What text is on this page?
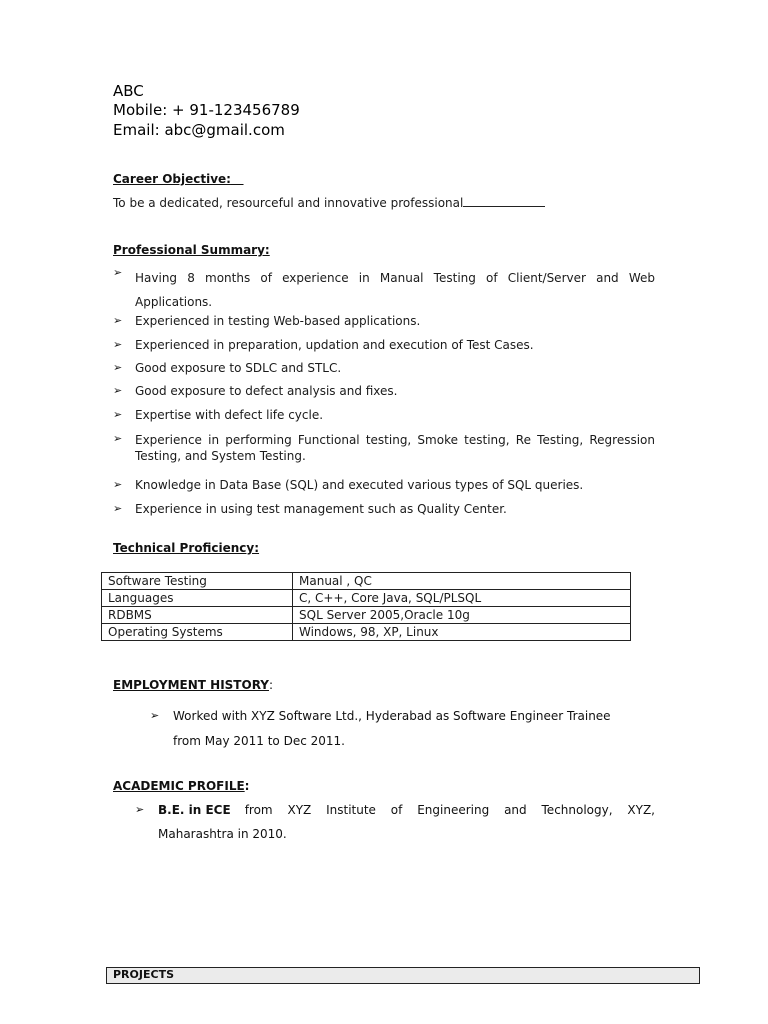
ABC
Mobile: + 91-123456789
Email: abc@gmail.com
Career Objective:
To be a dedicated, resourceful and innovative professional
Professional Summary:
➢	Having 8 months of experience in Manual Testing of Client/Server and Web Applications.
➢	Experienced in testing Web-based applications.
➢	Experienced in preparation, updation and execution of Test Cases.
➢	Good exposure to SDLC and STLC.
➢	Good exposure to defect analysis and fixes.
➢	Expertise with defect life cycle.
➢	Experience in performing Functional testing, Smoke testing, Re Testing, Regression Testing, and System Testing.
➢	Knowledge in Data Base (SQL) and executed various types of SQL queries.
➢	Experience in using test management such as Quality Center.
Technical Proficiency:
Software Testing	Manual , QC
Languages	C, C++, Core Java, SQL/PLSQL
RDBMS	SQL Server 2005,Oracle 10g
Operating Systems	Windows, 98, XP, Linux
EMPLOYMENT HISTORY:
➢	Worked with XYZ Software Ltd., Hyderabad as Software Engineer Trainee
from May 2011 to Dec 2011.
ACADEMIC PROFILE:
➢	B.E. in ECE from XYZ Institute of Engineering and Technology, XYZ,
Maharashtra in 2010.
PROJECTS
